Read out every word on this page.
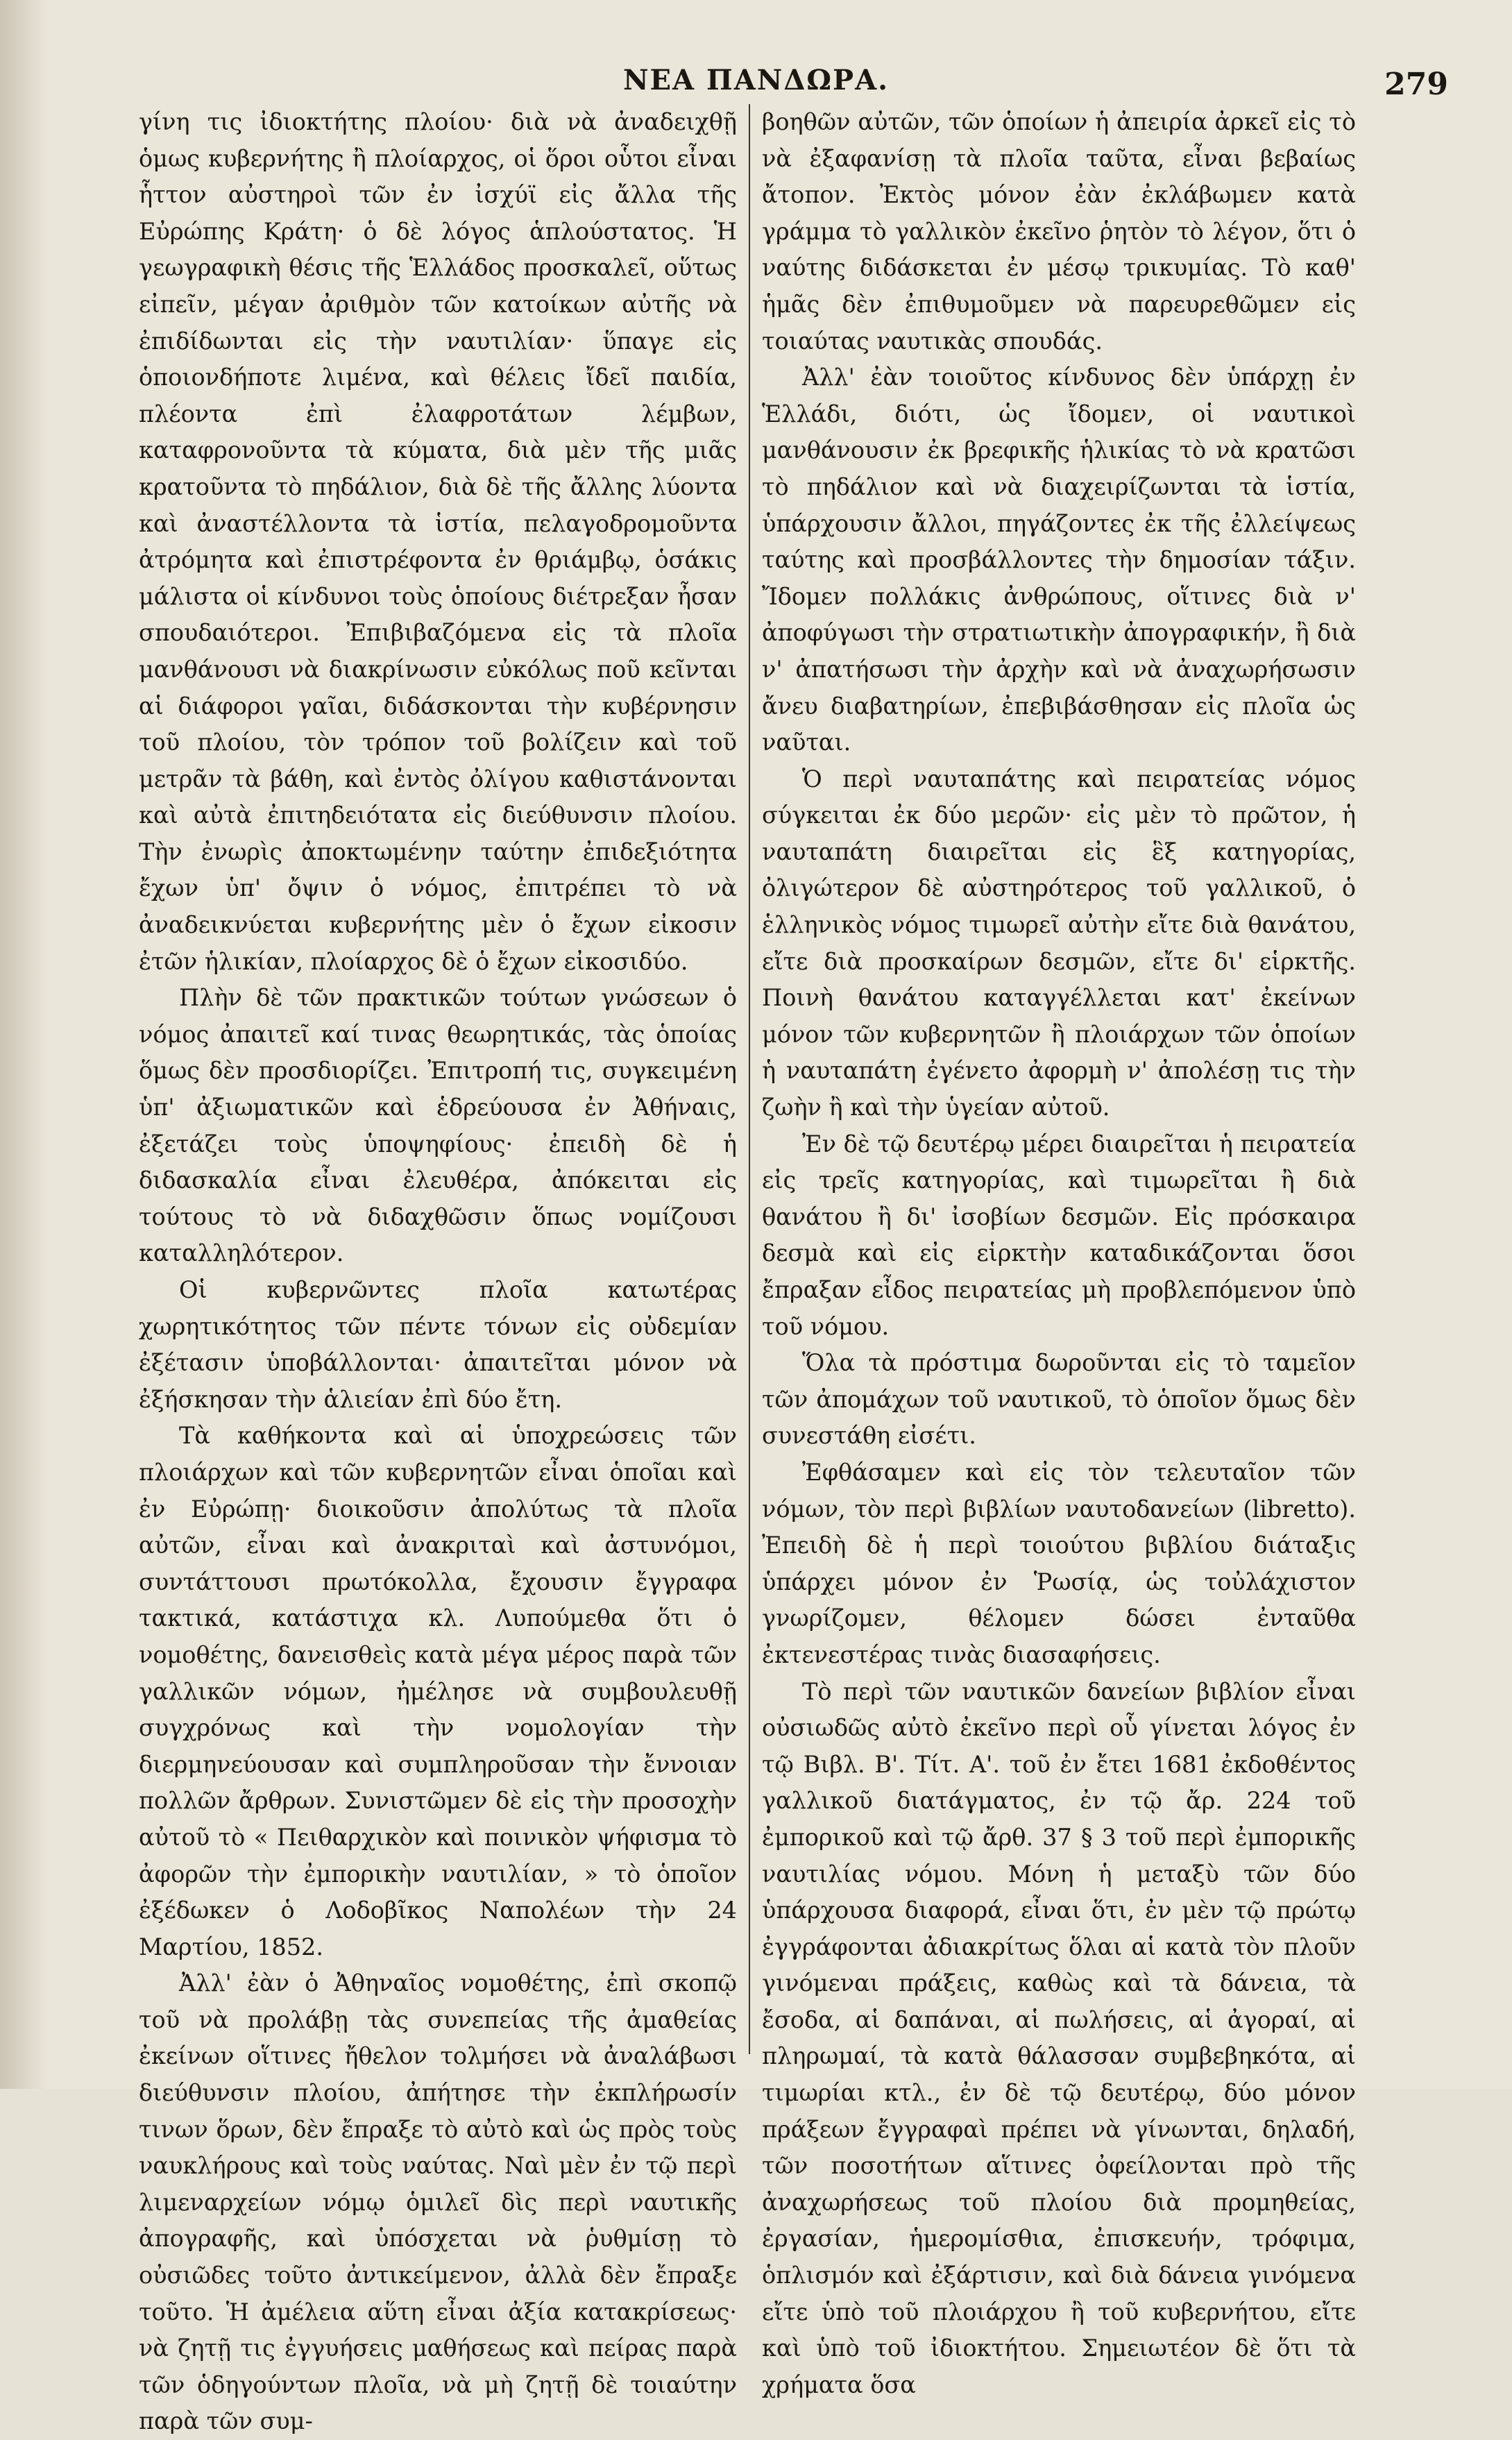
ΝΕΑ ΠΑΝΔΩΡΑ.	279

γίνη τις ἰδιοκτήτης πλοίου· διὰ νὰ ἀναδειχθῇ ὁμως κυβερνήτης ἢ πλοίαρχος, οἱ ὅροι οὗτοι εἶναι ἧττον αὐστηροὶ τῶν ἐν ἰσχύϊ εἰς ἄλλα τῆς Εὐρώπης Κράτη· ὁ δὲ λόγος ἁπλούστατος. Ἡ γεωγραφικὴ θέσις τῆς Ἑλλάδος προσκαλεῖ, οὕτως εἰπεῖν, μέγαν ἀριθμὸν τῶν κατοίκων αὐτῆς νὰ ἐπιδίδωνται εἰς τὴν ναυτιλίαν· ὕπαγε εἰς ὁποιονδήποτε λιμένα, καὶ θέλεις ἴδεῖ παιδία, πλέοντα ἐπὶ ἐλαφροτάτων λέμβων, καταφρονοῦντα τὰ κύματα, διὰ μὲν τῆς μιᾶς κρατοῦντα τὸ πηδάλιον, διὰ δὲ τῆς ἄλλης λύοντα καὶ ἀναστέλλοντα τὰ ἱστία, πελαγοδρομοῦντα ἀτρόμητα καὶ ἐπιστρέφοντα ἐν θριάμβῳ, ὁσάκις μάλιστα οἱ κίνδυνοι τοὺς ὁποίους διέτρεξαν ἦσαν σπουδαιότεροι. Ἐπιβιβαζόμενα εἰς τὰ πλοῖα μανθάνουσι νὰ διακρίνωσιν εὐκόλως ποῦ κεῖνται αἱ διάφοροι γαῖαι, διδάσκονται τὴν κυβέρνησιν τοῦ πλοίου, τὸν τρόπον τοῦ βολίζειν καὶ τοῦ μετρᾶν τὰ βάθη, καὶ ἐντὸς ὀλίγου καθιστάνονται καὶ αὐτὰ ἐπιτηδειότατα εἰς διεύθυνσιν πλοίου. Τὴν ἐνωρὶς ἀποκτωμένην ταύτην ἐπιδεξιότητα ἔχων ὑπ' ὄψιν ὁ νόμος, ἐπιτρέπει τὸ νὰ ἀναδεικνύεται κυβερνήτης μὲν ὁ ἔχων εἰκοσιν ἐτῶν ἡλικίαν, πλοίαρχος δὲ ὁ ἔχων εἰκοσιδύο.

Πλὴν δὲ τῶν πρακτικῶν τούτων γνώσεων ὁ νόμος ἀπαιτεῖ καί τινας θεωρητικάς, τὰς ὁποίας ὅμως δὲν προσδιορίζει. Ἐπιτροπή τις, συγκειμένη ὑπ' ἀξιωματικῶν καὶ ἑδρεύουσα ἐν Ἀθήναις, ἐξετάζει τοὺς ὑποψηφίους· ἐπειδὴ δὲ ἡ διδασκαλία εἶναι ἐλευθέρα, ἀπόκειται εἰς τούτους τὸ νὰ διδαχθῶσιν ὅπως νομίζουσι καταλληλότερον.

Οἱ κυβερνῶντες πλοῖα κατωτέρας χωρητικότητος τῶν πέντε τόνων εἰς οὐδεμίαν ἐξέτασιν ὑποβάλλονται· ἀπαιτεῖται μόνον νὰ ἐξήσκησαν τὴν ἁλιείαν ἐπὶ δύο ἔτη.

Τὰ καθήκοντα καὶ αἱ ὑποχρεώσεις τῶν πλοιάρχων καὶ τῶν κυβερνητῶν εἶναι ὁποῖαι καὶ ἐν Εὐρώπῃ· διοικοῦσιν ἀπολύτως τὰ πλοῖα αὐτῶν, εἶναι καὶ ἀνακριταὶ καὶ ἀστυνόμοι, συντάττουσι πρωτόκολλα, ἔχουσιν ἔγγραφα τακτικά, κατάστιχα κλ. Λυπούμεθα ὅτι ὁ νομοθέτης, δανεισθεὶς κατὰ μέγα μέρος παρὰ τῶν γαλλικῶν νόμων, ἠμέλησε νὰ συμβουλευθῇ συγχρόνως καὶ τὴν νομολογίαν τὴν διερμηνεύουσαν καὶ συμπληροῦσαν τὴν ἔννοιαν πολλῶν ἄρθρων. Συνιστῶμεν δὲ εἰς τὴν προσοχὴν αὐτοῦ τὸ « Πειθαρχικὸν καὶ ποινικὸν ψήφισμα τὸ ἀφορῶν τὴν ἐμπορικὴν ναυτιλίαν, » τὸ ὁποῖον ἐξέδωκεν ὁ Λοδοβῖκος Ναπολέων τὴν 24 Μαρτίου, 1852.

Ἀλλ' ἐὰν ὁ Ἀθηναῖος νομοθέτης, ἐπὶ σκοπῷ τοῦ νὰ προλάβῃ τὰς συνεπείας τῆς ἀμαθείας ἐκείνων οἵτινες ἤθελον τολμήσει νὰ ἀναλάβωσι διεύθυνσιν πλοίου, ἀπήτησε τὴν ἐκπλήρωσίν τινων ὅρων, δὲν ἔπραξε τὸ αὐτὸ καὶ ὡς πρὸς τοὺς ναυκλήρους καὶ τοὺς ναύτας. Ναὶ μὲν ἐν τῷ περὶ λιμεναρχείων νόμῳ ὁμιλεῖ δὶς περὶ ναυτικῆς ἀπογραφῆς, καὶ ὑπόσχεται νὰ ῥυθμίσῃ τὸ οὐσιῶδες τοῦτο ἀντικείμενον, ἀλλὰ δὲν ἔπραξε τοῦτο. Ἡ ἀμέλεια αὕτη εἶναι ἀξία κατακρίσεως· νὰ ζητῇ τις ἐγγυήσεις μαθήσεως καὶ πείρας παρὰ τῶν ὁδηγούντων πλοῖα, νὰ μὴ ζητῇ δὲ τοιαύτην παρὰ τῶν συμ-

βοηθῶν αὐτῶν, τῶν ὁποίων ἡ ἀπειρία ἀρκεῖ εἰς τὸ νὰ ἐξαφανίσῃ τὰ πλοῖα ταῦτα, εἶναι βεβαίως ἄτοπον. Ἐκτὸς μόνον ἐὰν ἐκλάβωμεν κατὰ γράμμα τὸ γαλλικὸν ἐκεῖνο ῥητὸν τὸ λέγον, ὅτι ὁ ναύτης διδάσκεται ἐν μέσῳ τρικυμίας. Τὸ καθ' ἡμᾶς δὲν ἐπιθυμοῦμεν νὰ παρευρεθῶμεν εἰς τοιαύτας ναυτικὰς σπουδάς.

Ἀλλ' ἐὰν τοιοῦτος κίνδυνος δὲν ὑπάρχῃ ἐν Ἑλλάδι, διότι, ὡς ἴδομεν, οἱ ναυτικοὶ μανθάνουσιν ἐκ βρεφικῆς ἡλικίας τὸ νὰ κρατῶσι τὸ πηδάλιον καὶ νὰ διαχειρίζωνται τὰ ἱστία, ὑπάρχουσιν ἄλλοι, πηγάζοντες ἐκ τῆς ἐλλείψεως ταύτης καὶ προσβάλλοντες τὴν δημοσίαν τάξιν. Ἴδομεν πολλάκις ἀνθρώπους, οἵτινες διὰ ν' ἀποφύγωσι τὴν στρατιωτικὴν ἀπογραφικήν, ἢ διὰ ν' ἀπατήσωσι τὴν ἀρχὴν καὶ νὰ ἀναχωρήσωσιν ἄνευ διαβατηρίων, ἐπεβιβάσθησαν εἰς πλοῖα ὡς ναῦται.

Ὁ περὶ ναυταπάτης καὶ πειρατείας νόμος σύγκειται ἐκ δύο μερῶν· εἰς μὲν τὸ πρῶτον, ἡ ναυταπάτη διαιρεῖται εἰς ἓξ κατηγορίας, ὀλιγώτερον δὲ αὐστηρότερος τοῦ γαλλικοῦ, ὁ ἑλληνικὸς νόμος τιμωρεῖ αὐτὴν εἴτε διὰ θανάτου, εἴτε διὰ προσκαίρων δεσμῶν, εἴτε δι' εἱρκτῆς. Ποινὴ θανάτου καταγγέλλεται κατ' ἐκείνων μόνον τῶν κυβερνητῶν ἢ πλοιάρχων τῶν ὁποίων ἡ ναυταπάτη ἐγένετο ἀφορμὴ ν' ἀπολέσῃ τις τὴν ζωὴν ἢ καὶ τὴν ὑγείαν αὐτοῦ.

Ἐν δὲ τῷ δευτέρῳ μέρει διαιρεῖται ἡ πειρατεία εἰς τρεῖς κατηγορίας, καὶ τιμωρεῖται ἢ διὰ θανάτου ἢ δι' ἰσοβίων δεσμῶν. Εἰς πρόσκαιρα δεσμὰ καὶ εἰς εἱρκτὴν καταδικάζονται ὅσοι ἔπραξαν εἶδος πειρατείας μὴ προβλεπόμενον ὑπὸ τοῦ νόμου.

Ὅλα τὰ πρόστιμα δωροῦνται εἰς τὸ ταμεῖον τῶν ἀπομάχων τοῦ ναυτικοῦ, τὸ ὁποῖον ὅμως δὲν συνεστάθη εἰσέτι.

Ἐφθάσαμεν καὶ εἰς τὸν τελευταῖον τῶν νόμων, τὸν περὶ βιβλίων ναυτοδανείων (libretto). Ἐπειδὴ δὲ ἡ περὶ τοιούτου βιβλίου διάταξις ὑπάρχει μόνον ἐν Ῥωσίᾳ, ὡς τοὐλάχιστον γνωρίζομεν, θέλομεν δώσει ἐνταῦθα ἐκτενεστέρας τινὰς διασαφήσεις.

Τὸ περὶ τῶν ναυτικῶν δανείων βιβλίον εἶναι οὐσιωδῶς αὐτὸ ἐκεῖνο περὶ οὗ γίνεται λόγος ἐν τῷ Βιβλ. Β'. Τίτ. Α'. τοῦ ἐν ἔτει 1681 ἐκδοθέντος γαλλικοῦ διατάγματος, ἐν τῷ ἄρ. 224 τοῦ ἐμπορικοῦ καὶ τῷ ἄρθ. 37 § 3 τοῦ περὶ ἐμπορικῆς ναυτιλίας νόμου. Μόνη ἡ μεταξὺ τῶν δύο ὑπάρχουσα διαφορά, εἶναι ὅτι, ἐν μὲν τῷ πρώτῳ ἐγγράφονται ἀδιακρίτως ὅλαι αἱ κατὰ τὸν πλοῦν γινόμεναι πράξεις, καθὼς καὶ τὰ δάνεια, τὰ ἔσοδα, αἱ δαπάναι, αἱ πωλήσεις, αἱ ἀγοραί, αἱ πληρωμαί, τὰ κατὰ θάλασσαν συμβεβηκότα, αἱ τιμωρίαι κτλ., ἐν δὲ τῷ δευτέρῳ, δύο μόνον πράξεων ἔγγραφαὶ πρέπει νὰ γίνωνται, δηλαδή, τῶν ποσοτήτων αἵτινες ὀφείλονται πρὸ τῆς ἀναχωρήσεως τοῦ πλοίου διὰ προμηθείας, ἐργασίαν, ἡμερομίσθια, ἐπισκευήν, τρόφιμα, ὁπλισμόν καὶ ἐξάρτισιν, καὶ διὰ δάνεια γινόμενα εἴτε ὑπὸ τοῦ πλοιάρχου ἢ τοῦ κυβερνήτου, εἴτε καὶ ὑπὸ τοῦ ἰδιοκτήτου. Σημειωτέον δὲ ὅτι τὰ χρήματα ὅσα
